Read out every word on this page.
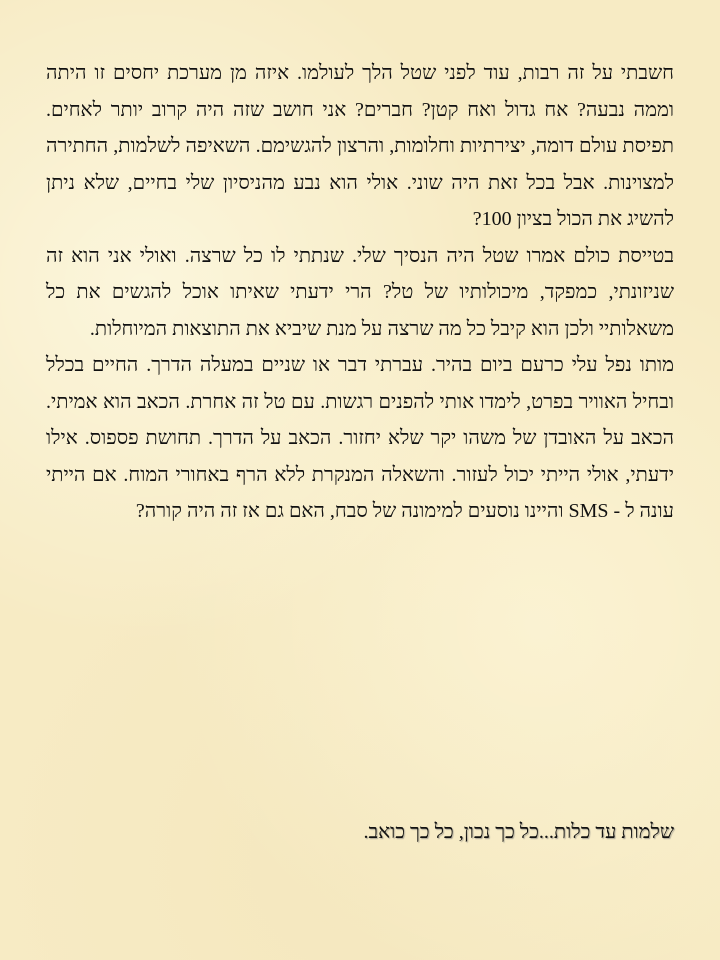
חשבתי על זה רבות, עוד לפני שטל הלך לעולמו. איזה מן מערכת יחסים זו היתה וממה נבעה? אח גדול ואח קטן? חברים? אני חושב שזה היה קרוב יותר לאחים. תפיסת עולם דומה, יצירתיות וחלומות, והרצון להגשימם. השאיפה לשלמות, החתירה למצוינות. אבל בכל זאת היה שוני. אולי הוא נבע מהניסיון שלי בחיים, שלא ניתן להשיג את הכול בציון 100?

בטייסת כולם אמרו שטל היה הנסיך שלי. שנתתי לו כל שרצה. ואולי אני הוא זה שניזונתי, כמפקד, מיכולותיו של טל? הרי ידעתי שאיתו אוכל להגשים את כל משאלותיי ולכן הוא קיבל כל מה שרצה על מנת שיביא את התוצאות המיוחלות.

מותו נפל עלי כרעם ביום בהיר. עברתי דבר או שניים במעלה הדרך. החיים בכלל ובחיל האוויר בפרט, לימדו אותי להפנים רגשות. עם טל זה אחרת. הכאב הוא אמיתי. הכאב על האובדן של משהו יקר שלא יחזור. הכאב על הדרך. תחושת פספוס. אילו ידעתי, אולי הייתי יכול לעזור. והשאלה המנקרת ללא הרף באחורי המוח. אם הייתי עונה ל - SMS והיינו נוסעים למימונה של סבח, האם גם אז זה היה קורה?

שלמות עד כלות...כל כך נכון, כל כך כואב.
